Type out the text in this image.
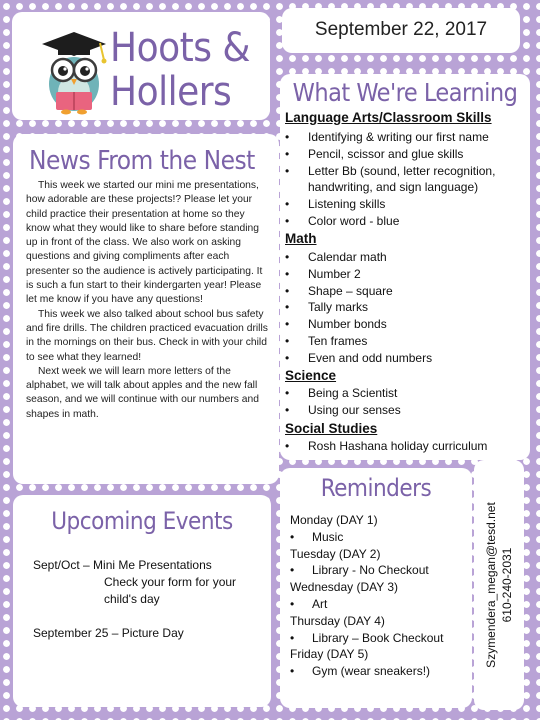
Hoots &
Hollers
September 22, 2017
What We're Learning
Language Arts/Classroom Skills
• Identifying & writing our first name
• Pencil, scissor and glue skills
• Letter Bb (sound, letter recognition, handwriting, and sign language)
• Listening skills
• Color word - blue
Math
• Calendar math
• Number 2
• Shape – square
• Tally marks
• Number bonds
• Ten frames
• Even and odd numbers
Science
• Being a Scientist
• Using our senses
Social Studies
• Rosh Hashana holiday curriculum
News From the Nest

This week we started our mini me presentations, how adorable are these projects!? Please let your child practice their presentation at home so they know what they would like to share before standing up in front of the class. We also work on asking questions and giving compliments after each presenter so the audience is actively participating. It is such a fun start to their kindergarten year! Please let me know if you have any questions!

This week we also talked about school bus safety and fire drills. The children practiced evacuation drills in the mornings on their bus. Check in with your child to see what they learned!

Next week we will learn more letters of the alphabet, we will talk about apples and the new fall season, and we will continue with our numbers and shapes in math.

Upcoming Events
Sept/Oct – Mini Me Presentations
Check your form for your child's day
September 25 – Picture Day
Reminders
Monday (DAY 1)
• Music
Tuesday (DAY 2)
• Library - No Checkout
Wednesday (DAY 3)
• Art
Thursday (DAY 4)
• Library – Book Checkout
Friday (DAY 5)
• Gym (wear sneakers!)
Szymendera_megan@tesd.net 610-240-2031
